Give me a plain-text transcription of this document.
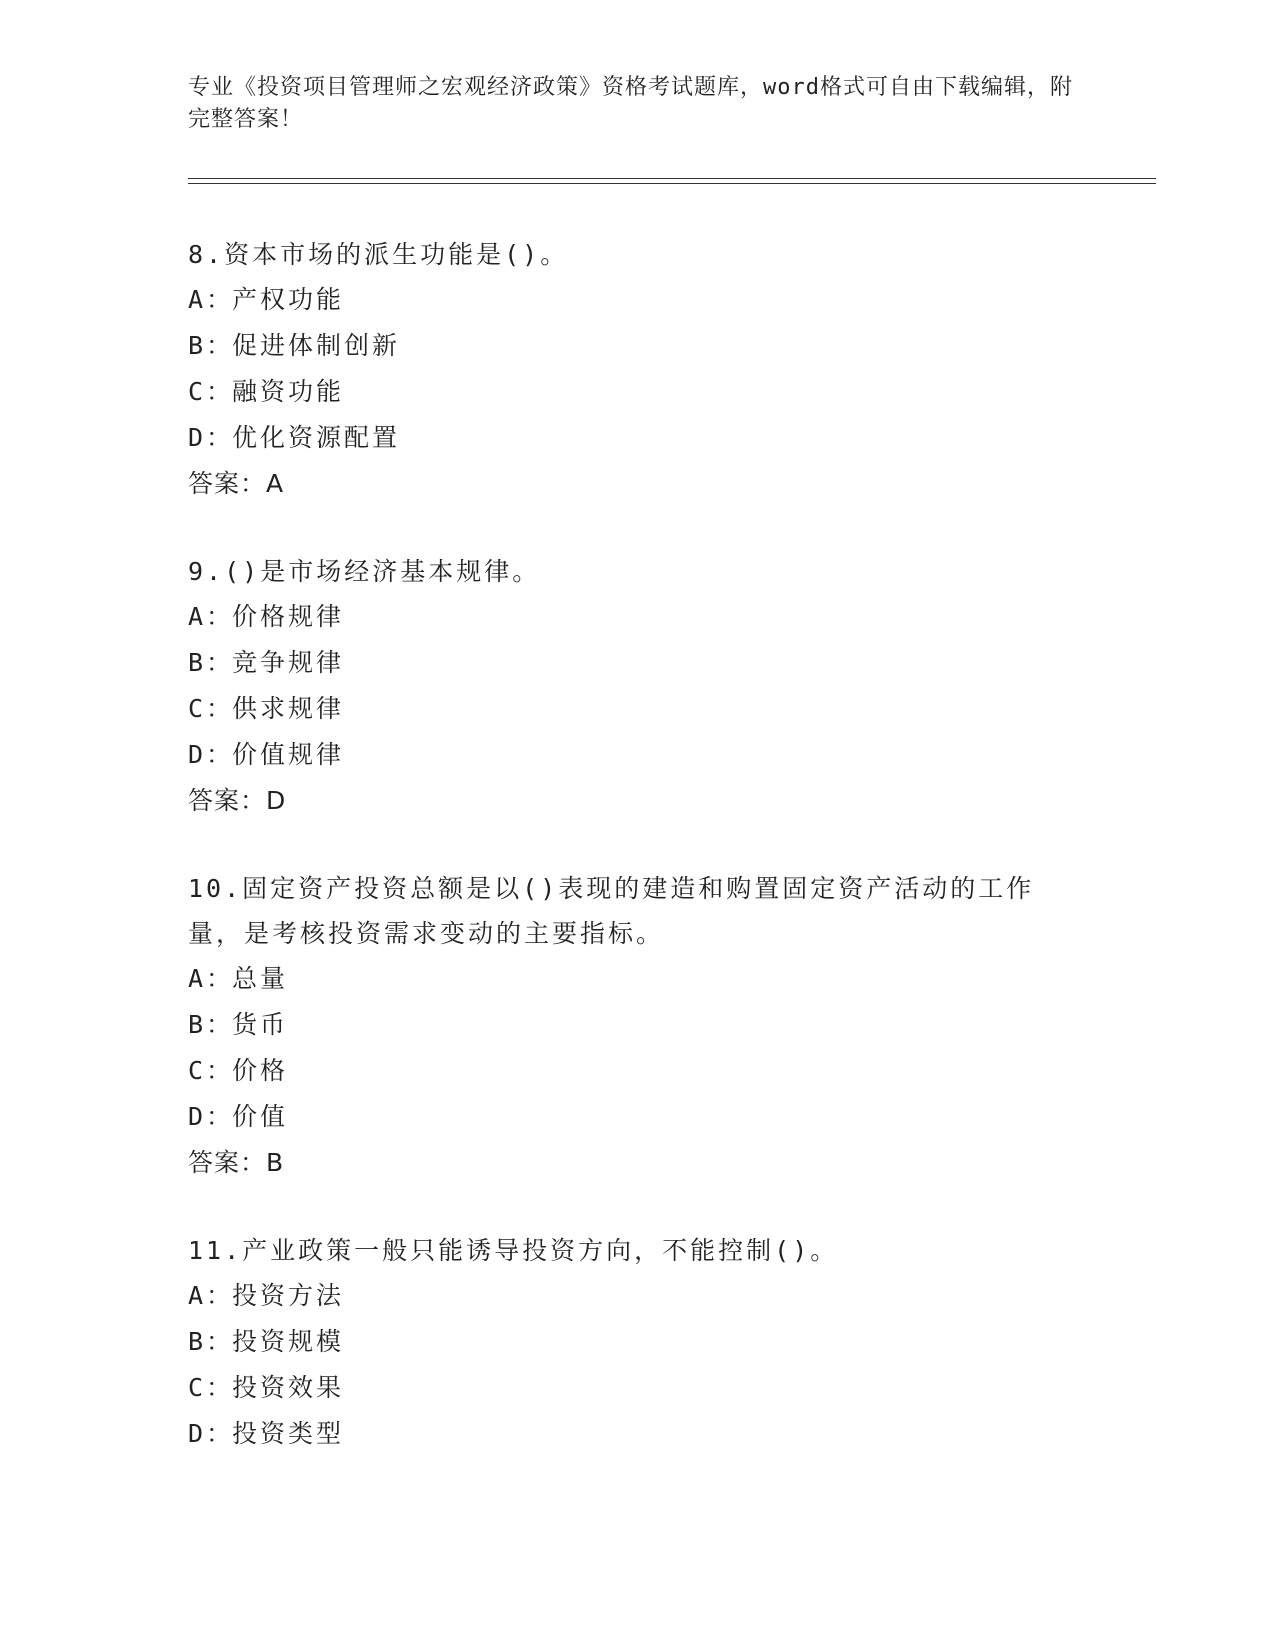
专业《投资项目管理师之宏观经济政策》资格考试题库，word格式可自由下载编辑，附完整答案！
8.资本市场的派生功能是()。
A：产权功能
B：促进体制创新
C：融资功能
D：优化资源配置
答案：A
9.()是市场经济基本规律。
A：价格规律
B：竞争规律
C：供求规律
D：价值规律
答案：D
10.固定资产投资总额是以()表现的建造和购置固定资产活动的工作量，是考核投资需求变动的主要指标。
A：总量
B：货币
C：价格
D：价值
答案：B
11.产业政策一般只能诱导投资方向，不能控制()。
A：投资方法
B：投资规模
C：投资效果
D：投资类型
